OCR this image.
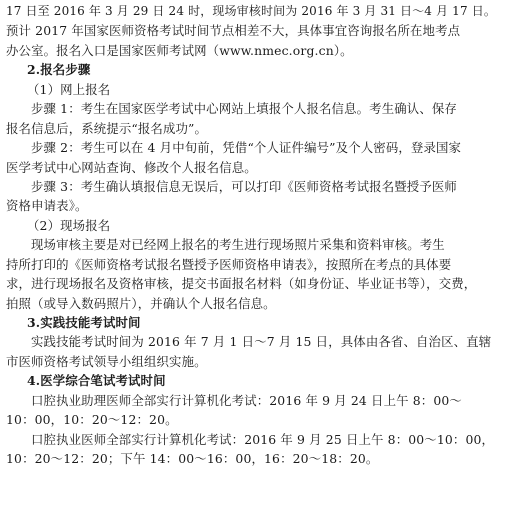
17 日至 2016 年 3 月 29 日 24 时，现场审核时间为 2016 年 3 月 31 日～4 月 17 日。
预计 2017 年国家医师资格考试时间节点相差不大，具体事宜咨询报名所在地考点
办公室。报名入口是国家医师考试网（www.nmec.org.cn）。
2.报名步骤
（1）网上报名
步骤 1：考生在国家医学考试中心网站上填报个人报名信息。考生确认、保存
报名信息后，系统提示“报名成功”。
步骤 2：考生可以在 4 月中旬前，凭借“个人证件编号”及个人密码，登录国家
医学考试中心网站查询、修改个人报名信息。
步骤 3：考生确认填报信息无误后，可以打印《医师资格考试报名暨授予医师
资格申请表》。
（2）现场报名
现场审核主要是对已经网上报名的考生进行现场照片采集和资料审核。考生
持所打印的《医师资格考试报名暨授予医师资格申请表》，按照所在考点的具体要
求，进行现场报名及资格审核，提交书面报名材料（如身份证、毕业证书等），交费，
拍照（或导入数码照片），并确认个人报名信息。
3.实践技能考试时间
实践技能考试时间为 2016 年 7 月 1 日～7 月 15 日，具体由各省、自治区、直辖
市医师资格考试领导小组组织实施。
4.医学综合笔试考试时间
口腔执业助理医师全部实行计算机化考试：2016 年 9 月 24 日上午 8：00～
10：00，10：20～12：20。
口腔执业医师全部实行计算机化考试：2016 年 9 月 25 日上午 8：00～10：00，
10：20～12：20；下午 14：00～16：00，16：20～18：20。
